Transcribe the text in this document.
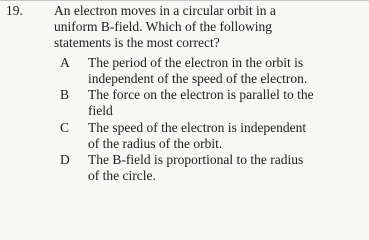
19. An electron moves in a circular orbit in a
uniform B-field. Which of the following
statements is the most correct?
A The period of the electron in the orbit is
independent of the speed of the electron.
B The force on the electron is parallel to the
field
C The speed of the electron is independent
of the radius of the orbit.
D The B-field is proportional to the radius
of the circle.
